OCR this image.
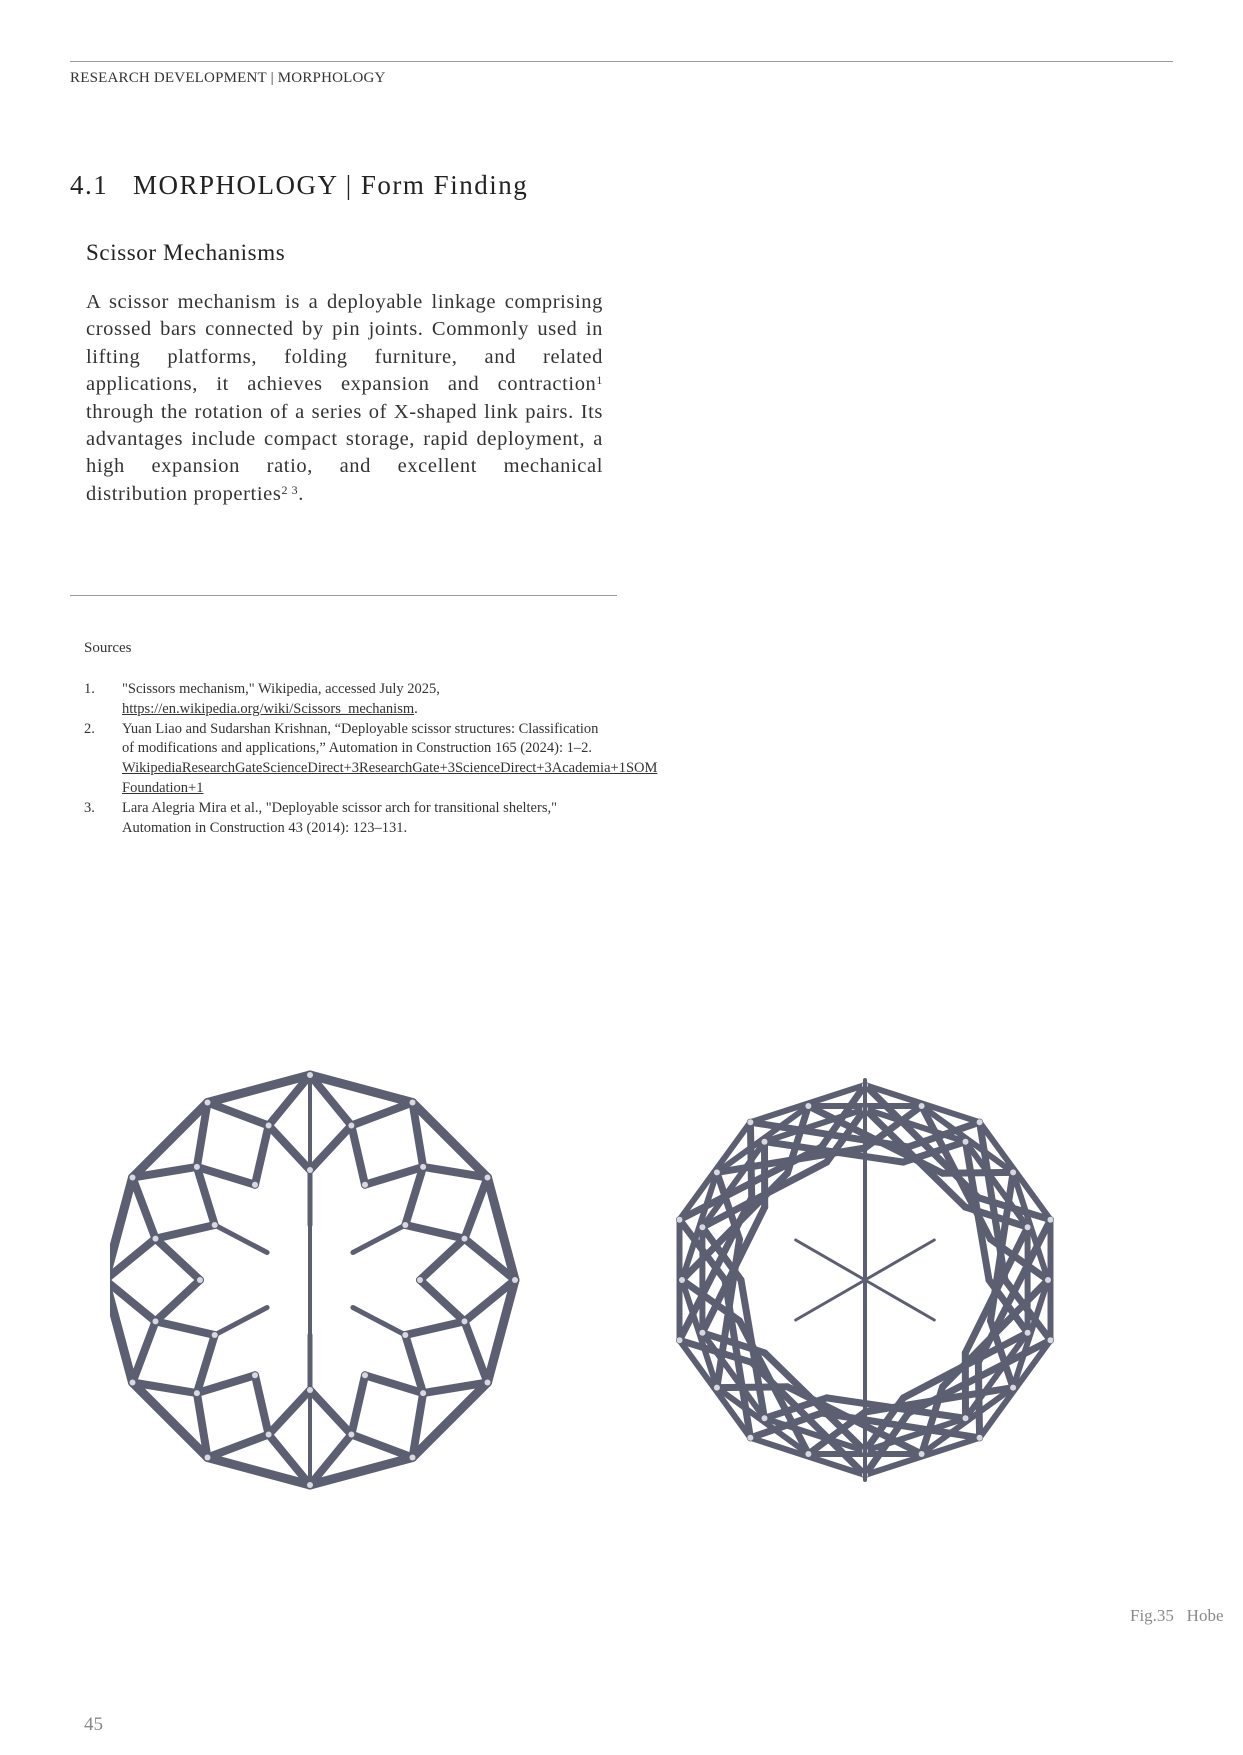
RESEARCH DEVELOPMENT | MORPHOLOGY
4.1 MORPHOLOGY | Form Finding
Scissor Mechanisms

A scissor mechanism is a deployable linkage comprising crossed bars connected by pin joints. Commonly used in lifting platforms, folding furniture, and related applications, it achieves expansion and contraction$^1$ through the rotation of a series of X-shaped link pairs. Its advantages include compact storage, rapid deployment, a high expansion ratio, and excellent mechanical distribution properties$^{2 3}$.

Sources
1. "Scissors mechanism," Wikipedia, accessed July 2025,
https://en.wikipedia.org/wiki/Scissors_mechanism.
2. Yuan Liao and Sudarshan Krishnan, “Deployable scissor structures: Classification of modifications and applications,” Automation in Construction 165 (2024): 1–2. WikipediaResearchGateScienceDirect+3ResearchGate+3ScienceDirect+3Academia+1SOM Foundation+1
3. Lara Alegria Mira et al., "Deployable scissor arch for transitional shelters," Automation in Construction 43 (2014): 123–131.
Fig.35   Hobe
45
